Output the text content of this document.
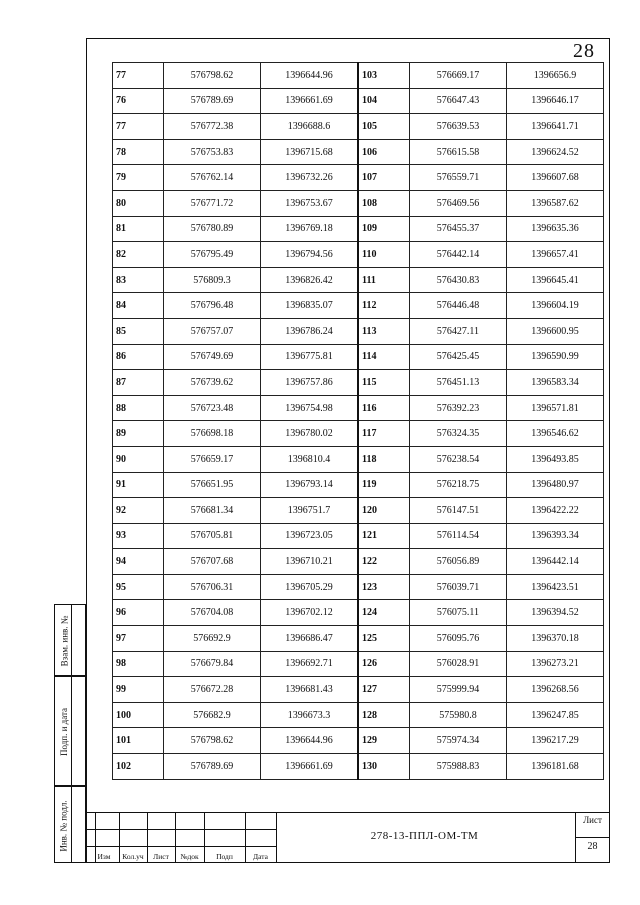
28
77	576798.62	1396644.96	103	576669.17	1396656.9
76	576789.69	1396661.69	104	576647.43	1396646.17
77	576772.38	1396688.6	105	576639.53	1396641.71
78	576753.83	1396715.68	106	576615.58	1396624.52
79	576762.14	1396732.26	107	576559.71	1396607.68
80	576771.72	1396753.67	108	576469.56	1396587.62
81	576780.89	1396769.18	109	576455.37	1396635.36
82	576795.49	1396794.56	110	576442.14	1396657.41
83	576809.3	1396826.42	111	576430.83	1396645.41
84	576796.48	1396835.07	112	576446.48	1396604.19
85	576757.07	1396786.24	113	576427.11	1396600.95
86	576749.69	1396775.81	114	576425.45	1396590.99
87	576739.62	1396757.86	115	576451.13	1396583.34
88	576723.48	1396754.98	116	576392.23	1396571.81
89	576698.18	1396780.02	117	576324.35	1396546.62
90	576659.17	1396810.4	118	576238.54	1396493.85
91	576651.95	1396793.14	119	576218.75	1396480.97
92	576681.34	1396751.7	120	576147.51	1396422.22
93	576705.81	1396723.05	121	576114.54	1396393.34
94	576707.68	1396710.21	122	576056.89	1396442.14
95	576706.31	1396705.29	123	576039.71	1396423.51
96	576704.08	1396702.12	124	576075.11	1396394.52
97	576692.9	1396686.47	125	576095.76	1396370.18
98	576679.84	1396692.71	126	576028.91	1396273.21
99	576672.28	1396681.43	127	575999.94	1396268.56
100	576682.9	1396673.3	128	575980.8	1396247.85
101	576798.62	1396644.96	129	575974.34	1396217.29
102	576789.69	1396661.69	130	575988.83	1396181.68
Взам. инв. №
Подп. и дата
Инв. № подл.
Изм	Кол.уч	Лист	№док	Подп	Дата
278-13-ППЛ-ОМ-ТМ
Лист
28
